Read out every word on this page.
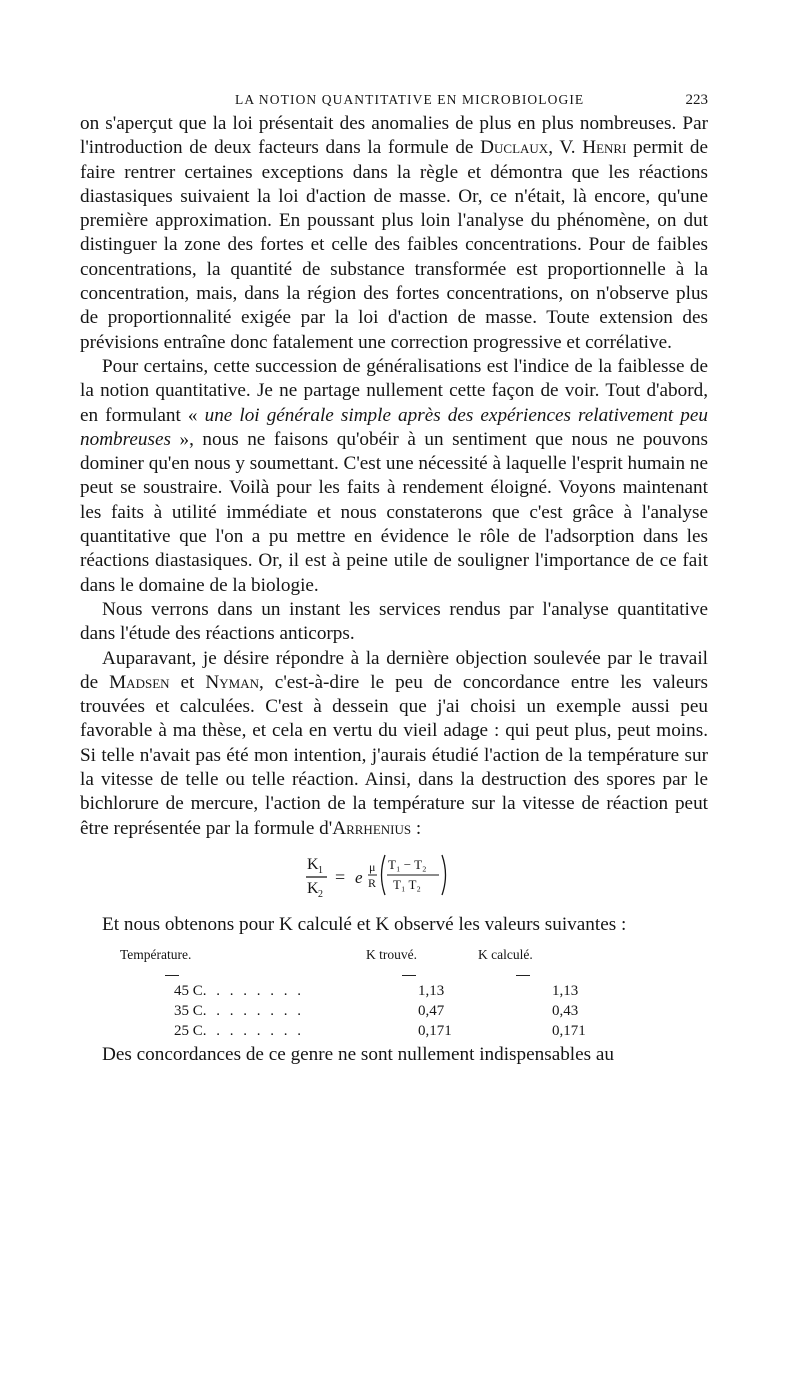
LA NOTION QUANTITATIVE EN MICROBIOLOGIE	223

on s'aperçut que la loi présentait des anomalies de plus en plus nombreuses. Par l'introduction de deux facteurs dans la formule de Duclaux, V. Henri permit de faire rentrer certaines exceptions dans la règle et démontra que les réactions diastasiques suivaient la loi d'action de masse. Or, ce n'était, là encore, qu'une première approximation. En poussant plus loin l'analyse du phénomène, on dut distinguer la zone des fortes et celle des faibles concentrations. Pour de faibles concentrations, la quantité de substance transformée est proportionnelle à la concentration, mais, dans la région des fortes concentrations, on n'observe plus de proportionnalité exigée par la loi d'action de masse. Toute extension des prévisions entraîne donc fatalement une correction progressive et corrélative.

Pour certains, cette succession de généralisations est l'indice de la faiblesse de la notion quantitative. Je ne partage nullement cette façon de voir. Tout d'abord, en formulant « une loi générale simple après des expériences relativement peu nombreuses », nous ne faisons qu'obéir à un sentiment que nous ne pouvons dominer qu'en nous y soumettant. C'est une nécessité à laquelle l'esprit humain ne peut se soustraire. Voilà pour les faits à rendement éloigné. Voyons maintenant les faits à utilité immédiate et nous constaterons que c'est grâce à l'analyse quantitative que l'on a pu mettre en évidence le rôle de l'adsorption dans les réactions diastasiques. Or, il est à peine utile de souligner l'importance de ce fait dans le domaine de la biologie.

Nous verrons dans un instant les services rendus par l'analyse quantitative dans l'étude des réactions anticorps.

Auparavant, je désire répondre à la dernière objection soulevée par le travail de Madsen et Nyman, c'est-à-dire le peu de concordance entre les valeurs trouvées et calculées. C'est à dessein que j'ai choisi un exemple aussi peu favorable à ma thèse, et cela en vertu du vieil adage : qui peut plus, peut moins. Si telle n'avait pas été mon intention, j'aurais étudié l'action de la température sur la vitesse de telle ou telle réaction. Ainsi, dans la destruction des spores par le bichlorure de mercure, l'action de la température sur la vitesse de réaction peut être représentée par la formule d'Arrhenius :

K 1
K 2
= e
μ
R
T₁ − T₂
T₁ T₂

Et nous obtenons pour K calculé et K observé les valeurs suivantes :

Température.	K trouvé.	K calculé.
45 C. . . . . . . .	1,13	1,13
35 C. . . . . . . .	0,47	0,43
25 C. . . . . . . .	0,171	0,171

Des concordances de ce genre ne sont nullement indispensables au
